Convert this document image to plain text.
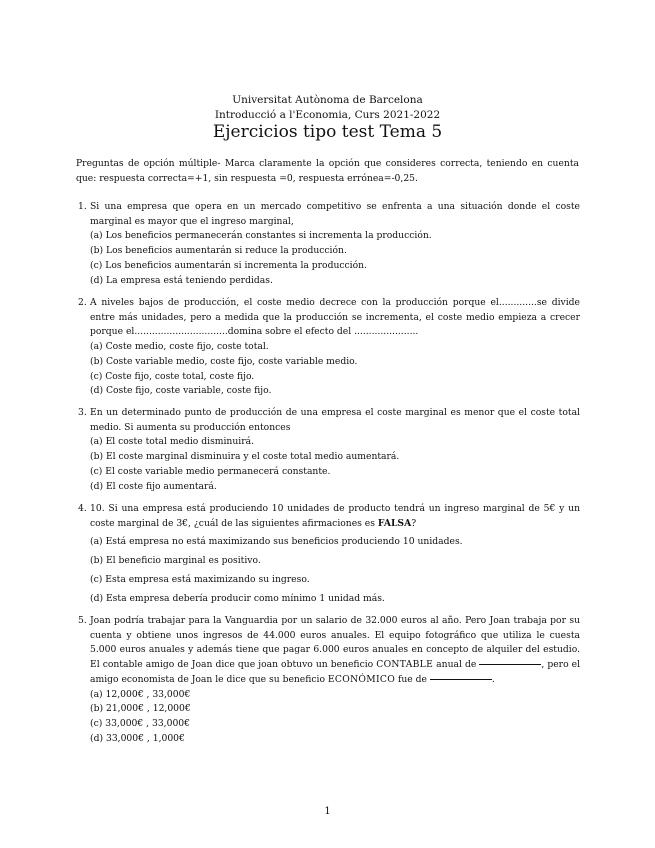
Universitat Autònoma de Barcelona
Introducció a l'Economia, Curs 2021-2022
Ejercicios tipo test Tema 5
Preguntas de opción múltiple- Marca claramente la opción que consideres correcta, teniendo en cuenta que: respuesta correcta=+1, sin respuesta =0, respuesta errónea=-0,25.
1. Si una empresa que opera en un mercado competitivo se enfrenta a una situación donde el coste marginal es mayor que el ingreso marginal,
(a) Los beneficios permanecerán constantes si incrementa la producción.
(b) Los beneficios aumentarán si reduce la producción.
(c) Los beneficios aumentarán si incrementa la producción.
(d) La empresa está teniendo perdidas.
2. A niveles bajos de producción, el coste medio decrece con la producción porque el.............se divide entre más unidades, pero a medida que la producción se incrementa, el coste medio empieza a crecer porque el................................domina sobre el efecto del ......................
(a) Coste medio, coste fijo, coste total.
(b) Coste variable medio, coste fijo, coste variable medio.
(c) Coste fijo, coste total, coste fijo.
(d) Coste fijo, coste variable, coste fijo.
3. En un determinado punto de producción de una empresa el coste marginal es menor que el coste total medio. Si aumenta su producción entonces
(a) El coste total medio disminuirá.
(b) El coste marginal disminuira y el coste total medio aumentará.
(c) El coste variable medio permanecerá constante.
(d) El coste fijo aumentará.
4. 10. Si una empresa está produciendo 10 unidades de producto tendrá un ingreso marginal de 5€ y un coste marginal de 3€, ¿cuál de las siguientes afirmaciones es FALSA?
(a) Está empresa no está maximizando sus beneficios produciendo 10 unidades.
(b) El beneficio marginal es positivo.
(c) Esta empresa está maximizando su ingreso.
(d) Esta empresa debería producir como mínimo 1 unidad más.
5. Joan podría trabajar para la Vanguardia por un salario de 32.000 euros al año. Pero Joan trabaja por su cuenta y obtiene unos ingresos de 44.000 euros anuales. El equipo fotográfico que utiliza le cuesta 5.000 euros anuales y además tiene que pagar 6.000 euros anuales en concepto de alquiler del estudio. El contable amigo de Joan dice que joan obtuvo un beneficio CONTABLE anual de	, pero el amigo economista de Joan le dice que su beneficio ECONÓMICO fue de	.
(a) 12,000€ , 33,000€
(b) 21,000€ , 12,000€
(c) 33,000€ , 33,000€
(d) 33,000€ , 1,000€
1
